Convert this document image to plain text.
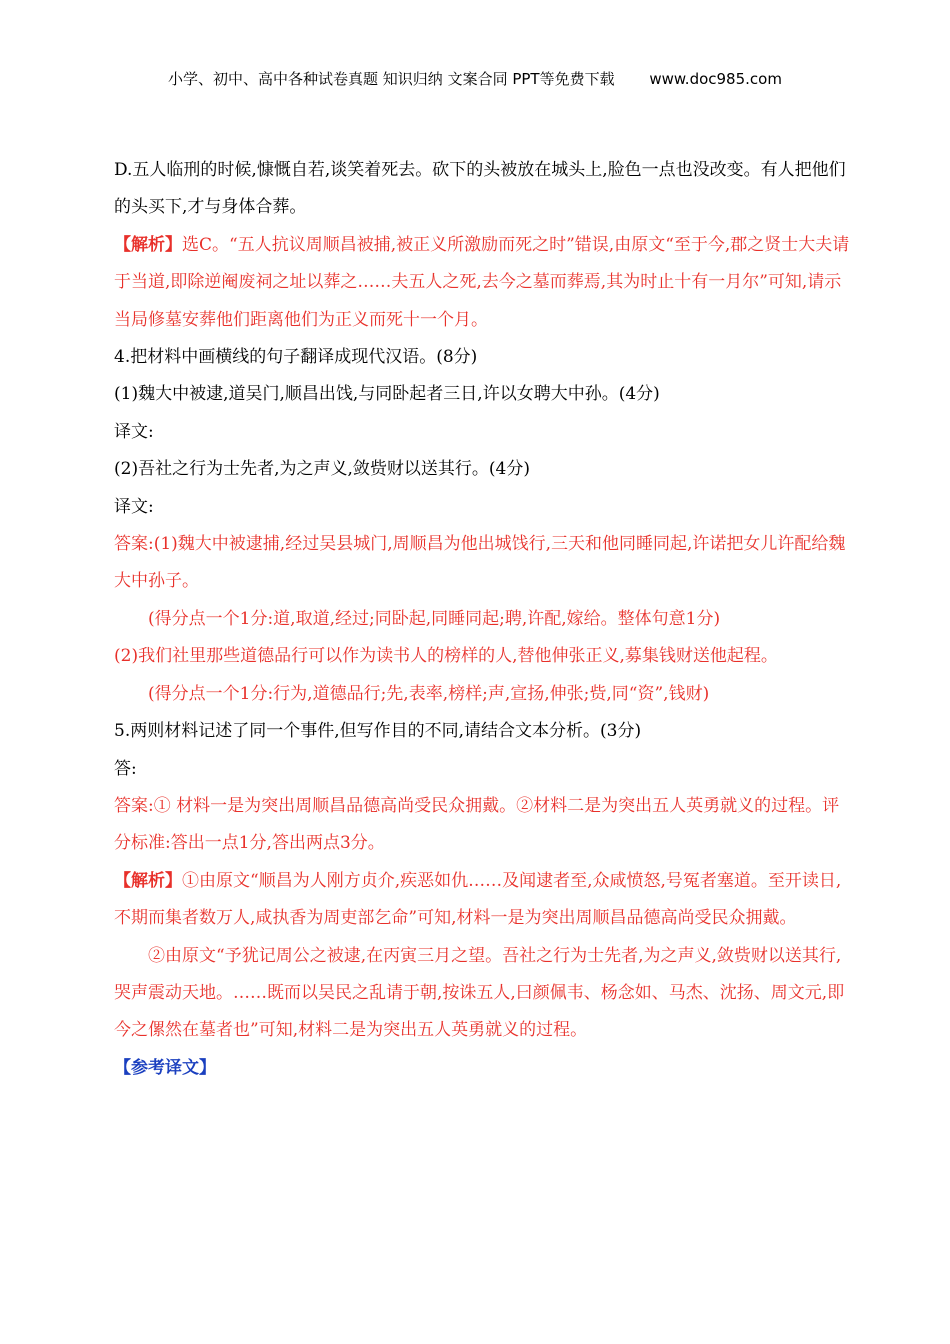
小学、初中、高中各种试卷真题 知识归纳 文案合同 PPT等免费下载 www.doc985.com

D.五人临刑的时候,慷慨自若,谈笑着死去。砍下的头被放在城头上,脸色一点也没改变。有人把他们的头买下,才与身体合葬。

【解析】选C。“五人抗议周顺昌被捕,被正义所激励而死之时”错误,由原文“至于今,郡之贤士大夫请于当道,即除逆阉废祠之址以葬之……夫五人之死,去今之墓而葬焉,其为时止十有一月尔”可知,请示当局修墓安葬他们距离他们为正义而死十一个月。

4.把材料中画横线的句子翻译成现代汉语。(8分)

(1)魏大中被逮,道吴门,顺昌出饯,与同卧起者三日,许以女聘大中孙。(4分)

译文:

(2)吾社之行为士先者,为之声义,敛赀财以送其行。(4分)

译文:

答案:(1)魏大中被逮捕,经过吴县城门,周顺昌为他出城饯行,三天和他同睡同起,许诺把女儿许配给魏大中孙子。

(得分点一个1分:道,取道,经过;同卧起,同睡同起;聘,许配,嫁给。整体句意1分)

(2)我们社里那些道德品行可以作为读书人的榜样的人,替他伸张正义,募集钱财送他起程。

(得分点一个1分:行为,道德品行;先,表率,榜样;声,宣扬,伸张;赀,同“资”,钱财)

5.两则材料记述了同一个事件,但写作目的不同,请结合文本分析。(3分)

答:

答案:① 材料一是为突出周顺昌品德高尚受民众拥戴。②材料二是为突出五人英勇就义的过程。评分标准:答出一点1分,答出两点3分。

【解析】①由原文“顺昌为人刚方贞介,疾恶如仇……及闻逮者至,众咸愤怒,号冤者塞道。至开读日,不期而集者数万人,咸执香为周吏部乞命”可知,材料一是为突出周顺昌品德高尚受民众拥戴。

②由原文“予犹记周公之被逮,在丙寅三月之望。吾社之行为士先者,为之声义,敛赀财以送其行,哭声震动天地。……既而以吴民之乱请于朝,按诛五人,曰颜佩韦、杨念如、马杰、沈扬、周文元,即今之傫然在墓者也”可知,材料二是为突出五人英勇就义的过程。

【参考译文】
